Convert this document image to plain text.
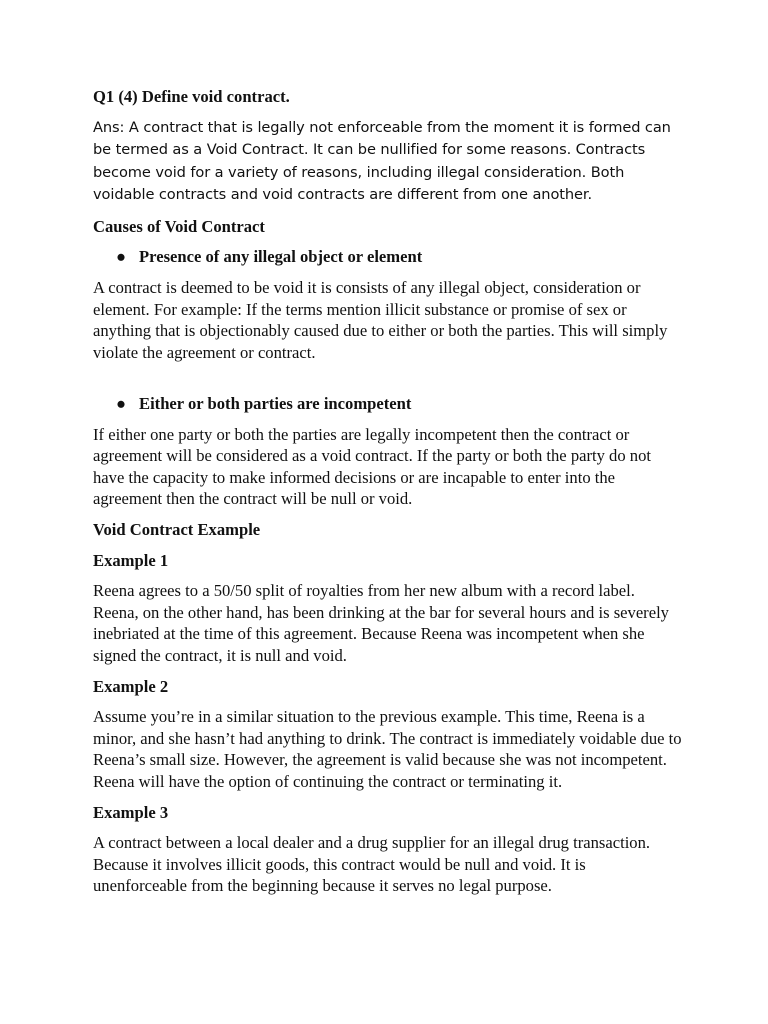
Q1 (4) Define void contract.

Ans: A contract that is legally not enforceable from the moment it is formed can be termed as a Void Contract. It can be nullified for some reasons. Contracts become void for a variety of reasons, including illegal consideration. Both voidable contracts and void contracts are different from one another.

Causes of Void Contract

● Presence of any illegal object or element

A contract is deemed to be void it is consists of any illegal object, consideration or element. For example: If the terms mention illicit substance or promise of sex or anything that is objectionably caused due to either or both the parties. This will simply violate the agreement or contract.

● Either or both parties are incompetent

If either one party or both the parties are legally incompetent then the contract or agreement will be considered as a void contract. If the party or both the party do not have the capacity to make informed decisions or are incapable to enter into the agreement then the contract will be null or void.

Void Contract Example

Example 1

Reena agrees to a 50/50 split of royalties from her new album with a record label. Reena, on the other hand, has been drinking at the bar for several hours and is severely inebriated at the time of this agreement. Because Reena was incompetent when she signed the contract, it is null and void.

Example 2

Assume you’re in a similar situation to the previous example. This time, Reena is a minor, and she hasn’t had anything to drink. The contract is immediately voidable due to Reena’s small size. However, the agreement is valid because she was not incompetent. Reena will have the option of continuing the contract or terminating it.

Example 3

A contract between a local dealer and a drug supplier for an illegal drug transaction. Because it involves illicit goods, this contract would be null and void. It is unenforceable from the beginning because it serves no legal purpose.
